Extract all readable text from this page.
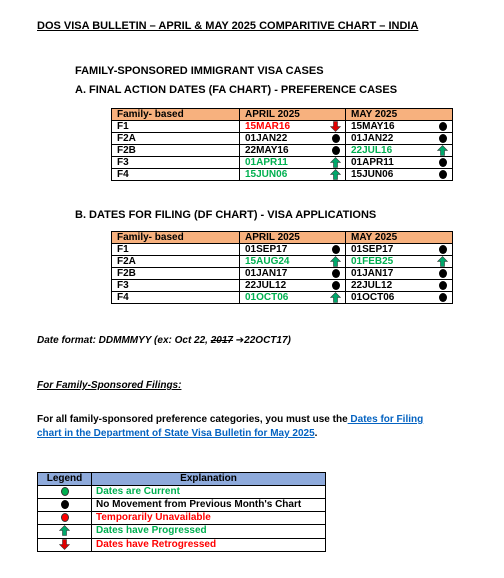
DOS VISA BULLETIN – APRIL & MAY 2025 COMPARITIVE CHART – INDIA
FAMILY-SPONSORED IMMIGRANT VISA CASES
A. FINAL ACTION DATES (FA CHART) - PREFERENCE CASES
Family- based	APRIL 2025	MAY 2025
F1	15MAR16	15MAY16

F2A	01JAN22	01JAN22

F2B	22MAY16	22JUL16

F3	01APR11	01APR11

F4	15JUN06	15JUN06
B. DATES FOR FILING (DF CHART) - VISA APPLICATIONS
Family- based	APRIL 2025	MAY 2025
F1	01SEP17	01SEP17

F2A	15AUG24	01FEB25

F2B	01JAN17	01JAN17

F3	22JUL12	22JUL12

F4	01OCT06	01OCT06
Date format: DDMMMYY (ex: Oct 22, 2017 ➔22OCT17)
For Family-Sponsored Filings:
For all family-sponsored preference categories, you must use the Dates for Filing
chart in the Department of State Visa Bulletin for May 2025.
Legend	Explanation

	Dates are Current

	No Movement from Previous Month's Chart

	Temporarily Unavailable

	Dates have Progressed

	Dates have Retrogressed
